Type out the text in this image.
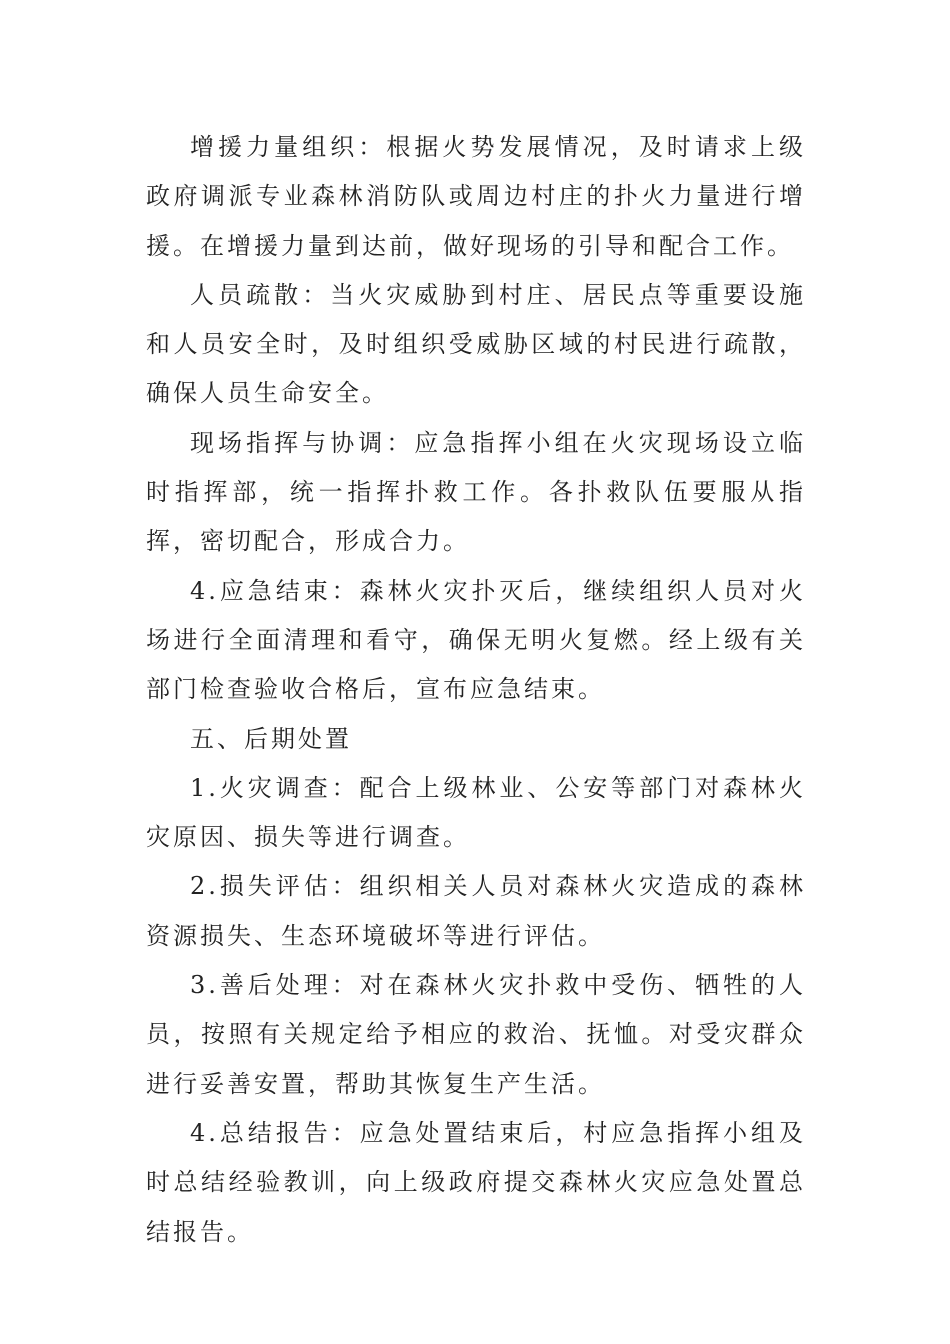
增援力量组织：根据火势发展情况，及时请求上级政府调派专业森林消防队或周边村庄的扑火力量进行增援。在增援力量到达前，做好现场的引导和配合工作。

人员疏散：当火灾威胁到村庄、居民点等重要设施和人员安全时，及时组织受威胁区域的村民进行疏散，确保人员生命安全。

现场指挥与协调：应急指挥小组在火灾现场设立临时指挥部，统一指挥扑救工作。各扑救队伍要服从指挥，密切配合，形成合力。

4.应急结束：森林火灾扑灭后，继续组织人员对火场进行全面清理和看守，确保无明火复燃。经上级有关部门检查验收合格后，宣布应急结束。

五、后期处置

1.火灾调查：配合上级林业、公安等部门对森林火灾原因、损失等进行调查。

2.损失评估：组织相关人员对森林火灾造成的森林资源损失、生态环境破坏等进行评估。

3.善后处理：对在森林火灾扑救中受伤、牺牲的人员，按照有关规定给予相应的救治、抚恤。对受灾群众进行妥善安置，帮助其恢复生产生活。

4.总结报告：应急处置结束后，村应急指挥小组及时总结经验教训，向上级政府提交森林火灾应急处置总结报告。
